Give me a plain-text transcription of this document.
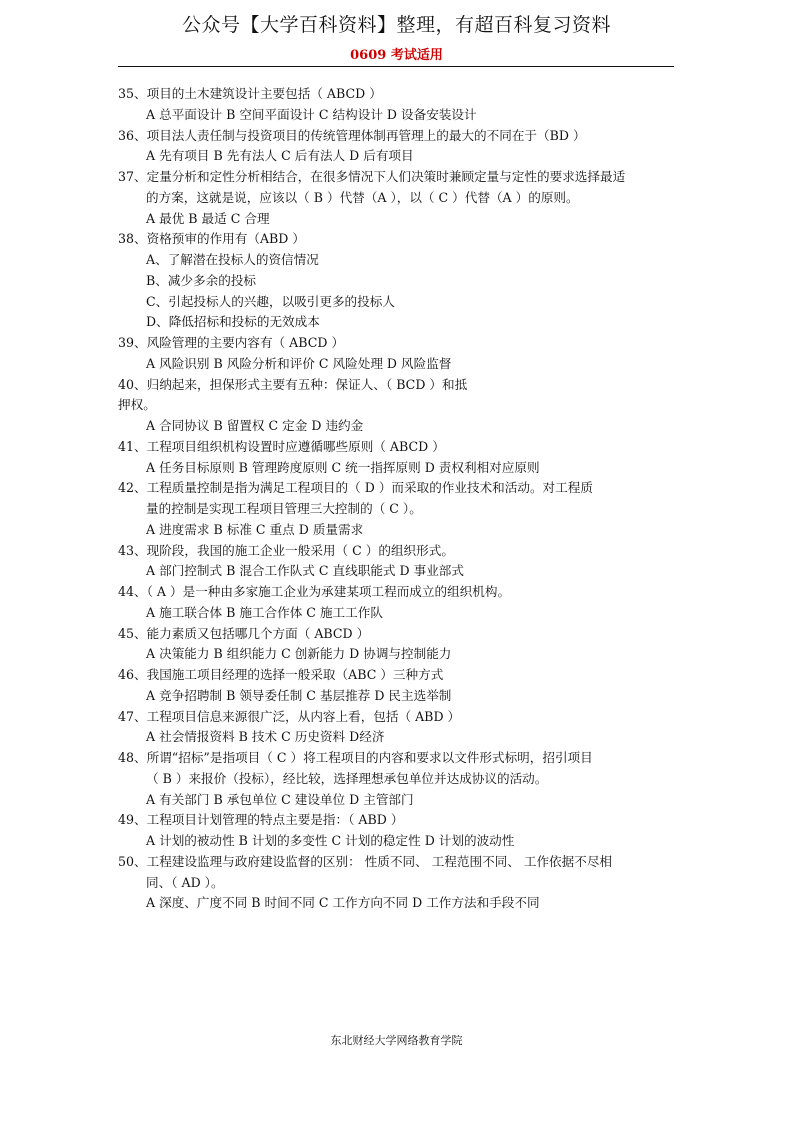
公众号【大学百科资料】整理，有超百科复习资料
0609 考试适用
35、项目的土木建筑设计主要包括（ ABCD ）
A 总平面设计 B 空间平面设计 C 结构设计 D 设备安装设计
36、项目法人责任制与投资项目的传统管理体制再管理上的最大的不同在于（BD ）
A 先有项目 B 先有法人 C 后有法人 D 后有项目
37、定量分析和定性分析相结合，在很多情况下人们决策时兼顾定量与定性的要求选择最适
的方案，这就是说，应该以（ B ）代替（A ），以（ C ）代替（A ）的原则。
A 最优 B 最适 C 合理
38、资格预审的作用有（ABD ）
A、了解潜在投标人的资信情况
B、减少多余的投标
C、引起投标人的兴趣，以吸引更多的投标人
D、降低招标和投标的无效成本
39、风险管理的主要内容有（ ABCD ）
A 风险识别 B 风险分析和评价 C 风险处理 D 风险监督
40、归纳起来，担保形式主要有五种：保证人、（ BCD ）和抵
押权。
A 合同协议 B 留置权 C 定金 D 违约金
41、工程项目组织机构设置时应遵循哪些原则（ ABCD ）
A 任务目标原则 B 管理跨度原则 C 统一指挥原则 D 责权利相对应原则
42、工程质量控制是指为满足工程项目的（ D ）而采取的作业技术和活动。对工程质
量的控制是实现工程项目管理三大控制的（ C ）。
A 进度需求 B 标准 C 重点 D 质量需求
43、现阶段，我国的施工企业一般采用（ C ）的组织形式。
A 部门控制式 B 混合工作队式 C 直线职能式 D 事业部式
44、（ A ）是一种由多家施工企业为承建某项工程而成立的组织机构。
A 施工联合体 B 施工合作体 C 施工工作队
45、能力素质又包括哪几个方面（ ABCD ）
A 决策能力 B 组织能力 C 创新能力 D 协调与控制能力
46、我国施工项目经理的选择一般采取（ABC ）三种方式
A 竞争招聘制 B 领导委任制 C 基层推荐 D 民主选举制
47、工程项目信息来源很广泛，从内容上看，包括（ ABD ）
A 社会情报资料 B 技术 C 历史资料 D经济
48、所谓“招标”是指项目（ C ）将工程项目的内容和要求以文件形式标明，招引项目
（ B ）来报价（投标），经比较，选择理想承包单位并达成协议的活动。
A 有关部门 B 承包单位 C 建设单位 D 主管部门
49、工程项目计划管理的特点主要是指：（ ABD ）
A 计划的被动性 B 计划的多变性 C 计划的稳定性 D 计划的波动性
50、工程建设监理与政府建设监督的区别： 性质不同、 工程范围不同、 工作依据不尽相
同、（ AD ）。
A 深度、广度不同 B 时间不同 C 工作方向不同 D 工作方法和手段不同
东北财经大学网络教育学院
